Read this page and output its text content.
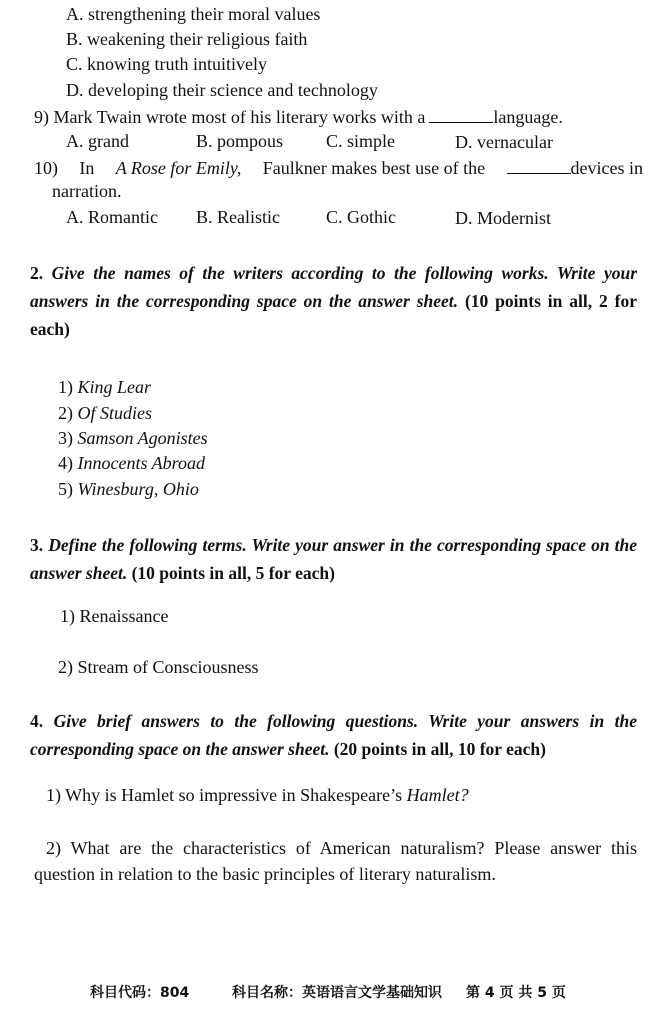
A. strengthening their moral values
B. weakening their religious faith
C. knowing truth intuitively
D. developing their science and technology
9) Mark Twain wrote most of his literary works with a	language.
A. grand	B. pompous C. simple	D. vernacular
10) In A Rose for Emily, Faulkner makes best use of the	devices in
narration.
A. Romantic B. Realistic	C. Gothic	D. Modernist
2. Give the names of the writers according to the following works. Write your answers in the corresponding space on the answer sheet. (10 points in all, 2 for each)
1) King Lear
2) Of Studies
3) Samson Agonistes
4) Innocents Abroad
5) Winesburg, Ohio
3. Define the following terms. Write your answer in the corresponding space on the answer sheet. (10 points in all, 5 for each)
1) Renaissance
2) Stream of Consciousness
4. Give brief answers to the following questions. Write your answers in the corresponding space on the answer sheet. (20 points in all, 10 for each)
1) Why is Hamlet so impressive in Shakespeare’s Hamlet?
2) What are the characteristics of American naturalism? Please answer this question in relation to the basic principles of literary naturalism.
科目代码：804	科目名称：英语语言文学基础知识 第 4 页 共 5 页
